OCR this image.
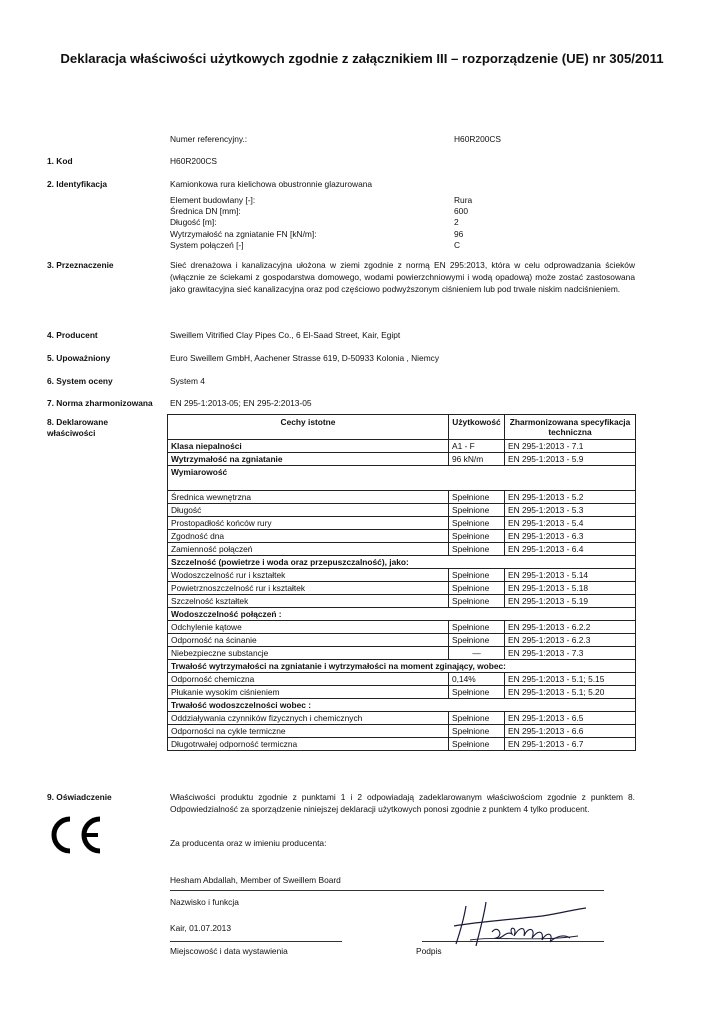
Deklaracja właściwości użytkowych zgodnie z załącznikiem III – rozporządzenie (UE) nr 305/2011
Numer referencyjny.:	H60R200CS
1. Kod	H60R200CS
2. Identyfikacja	Kamionkowa rura kielichowa obustronnie glazurowana
Element budowlany [-]:	Rura
Średnica DN [mm]:	600
Długość [m]:	2
Wytrzymałość na zgniatanie FN [kN/m]:	96
System połączeń [-]	C
3. Przeznaczenie	Sieć drenażowa i kanalizacyjna ułożona w ziemi zgodnie z normą EN 295:2013, która w celu odprowadzania ścieków (włącznie ze ściekami z gospodarstwa domowego, wodami powierzchniowymi i wodą opadową) może zostać zastosowana jako grawitacyjna sieć kanalizacyjna oraz pod częściowo podwyższonym ciśnieniem lub pod trwale niskim nadciśnieniem.
4. Producent	Sweillem Vitrified Clay Pipes Co., 6 El-Saad Street, Kair, Egipt
5. Upoważniony	Euro Sweillem GmbH, Aachener Strasse 619, D-50933 Kolonia , Niemcy
6. System oceny	System 4
7. Norma zharmonizowana EN 295-1:2013-05; EN 295-2:2013-05
8. Deklarowane
właściwości
Cechy istotne	Użytkowość	Zharmonizowana specyfikacja techniczna
Klasa niepalności	A1 - F	EN 295-1:2013 - 7.1
Wytrzymałość na zgniatanie	96 kN/m	EN 295-1:2013 - 5.9
Wymiarowość		
Średnica wewnętrzna	Spełnione	EN 295-1:2013 - 5.2
Długość	Spełnione	EN 295-1:2013 - 5.3
Prostopadłość końców rury	Spełnione	EN 295-1:2013 - 5.4
Zgodność dna	Spełnione	EN 295-1:2013 - 6.3
Zamienność połączeń	Spełnione	EN 295-1:2013 - 6.4
Szczelność (powietrze i woda oraz przepuszczalność), jako:		
Wodoszczelność rur i kształtek	Spełnione	EN 295-1:2013 - 5.14
Powietrznoszczelność rur i kształtek	Spełnione	EN 295-1:2013 - 5.18
Szczelność kształtek	Spełnione	EN 295-1:2013 - 5.19
Wodoszczelność połączeń :		
Odchylenie kątowe	Spełnione	EN 295-1:2013 - 6.2.2
Odporność na ścinanie	Spełnione	EN 295-1:2013 - 6.2.3
Niebezpieczne substancje	—	EN 295-1:2013 - 7.3
Trwałość wytrzymałości na zgniatanie i wytrzymałości na moment zginający, wobec:		
Odporność chemiczna	0,14%	EN 295-1:2013 - 5.1; 5.15
Płukanie wysokim ciśnieniem	Spełnione	EN 295-1:2013 - 5.1; 5.20
Trwałość wodoszczelności wobec :		
Oddziaływania czynników fizycznych i chemicznych	Spełnione	EN 295-1:2013 - 6.5
Odporności na cykle termiczne	Spełnione	EN 295-1:2013 - 6.6
Długotrwałej odporność termiczna	Spełnione	EN 295-1:2013 - 6.7
9. Oświadczenie	Właściwości produktu zgodnie z punktami 1 i 2 odpowiadają zadeklarowanym właściwościom zgodnie z punktem 8. Odpowiedzialność za sporządzenie niniejszej deklaracji użytkowych ponosi zgodnie z punktem 4 tylko producent.
Za producenta oraz w imieniu producenta:
Hesham Abdallah, Member of Sweillem Board
Nazwisko i funkcja
Kair, 01.07.2013
Miejscowość i data wystawienia	Podpis
